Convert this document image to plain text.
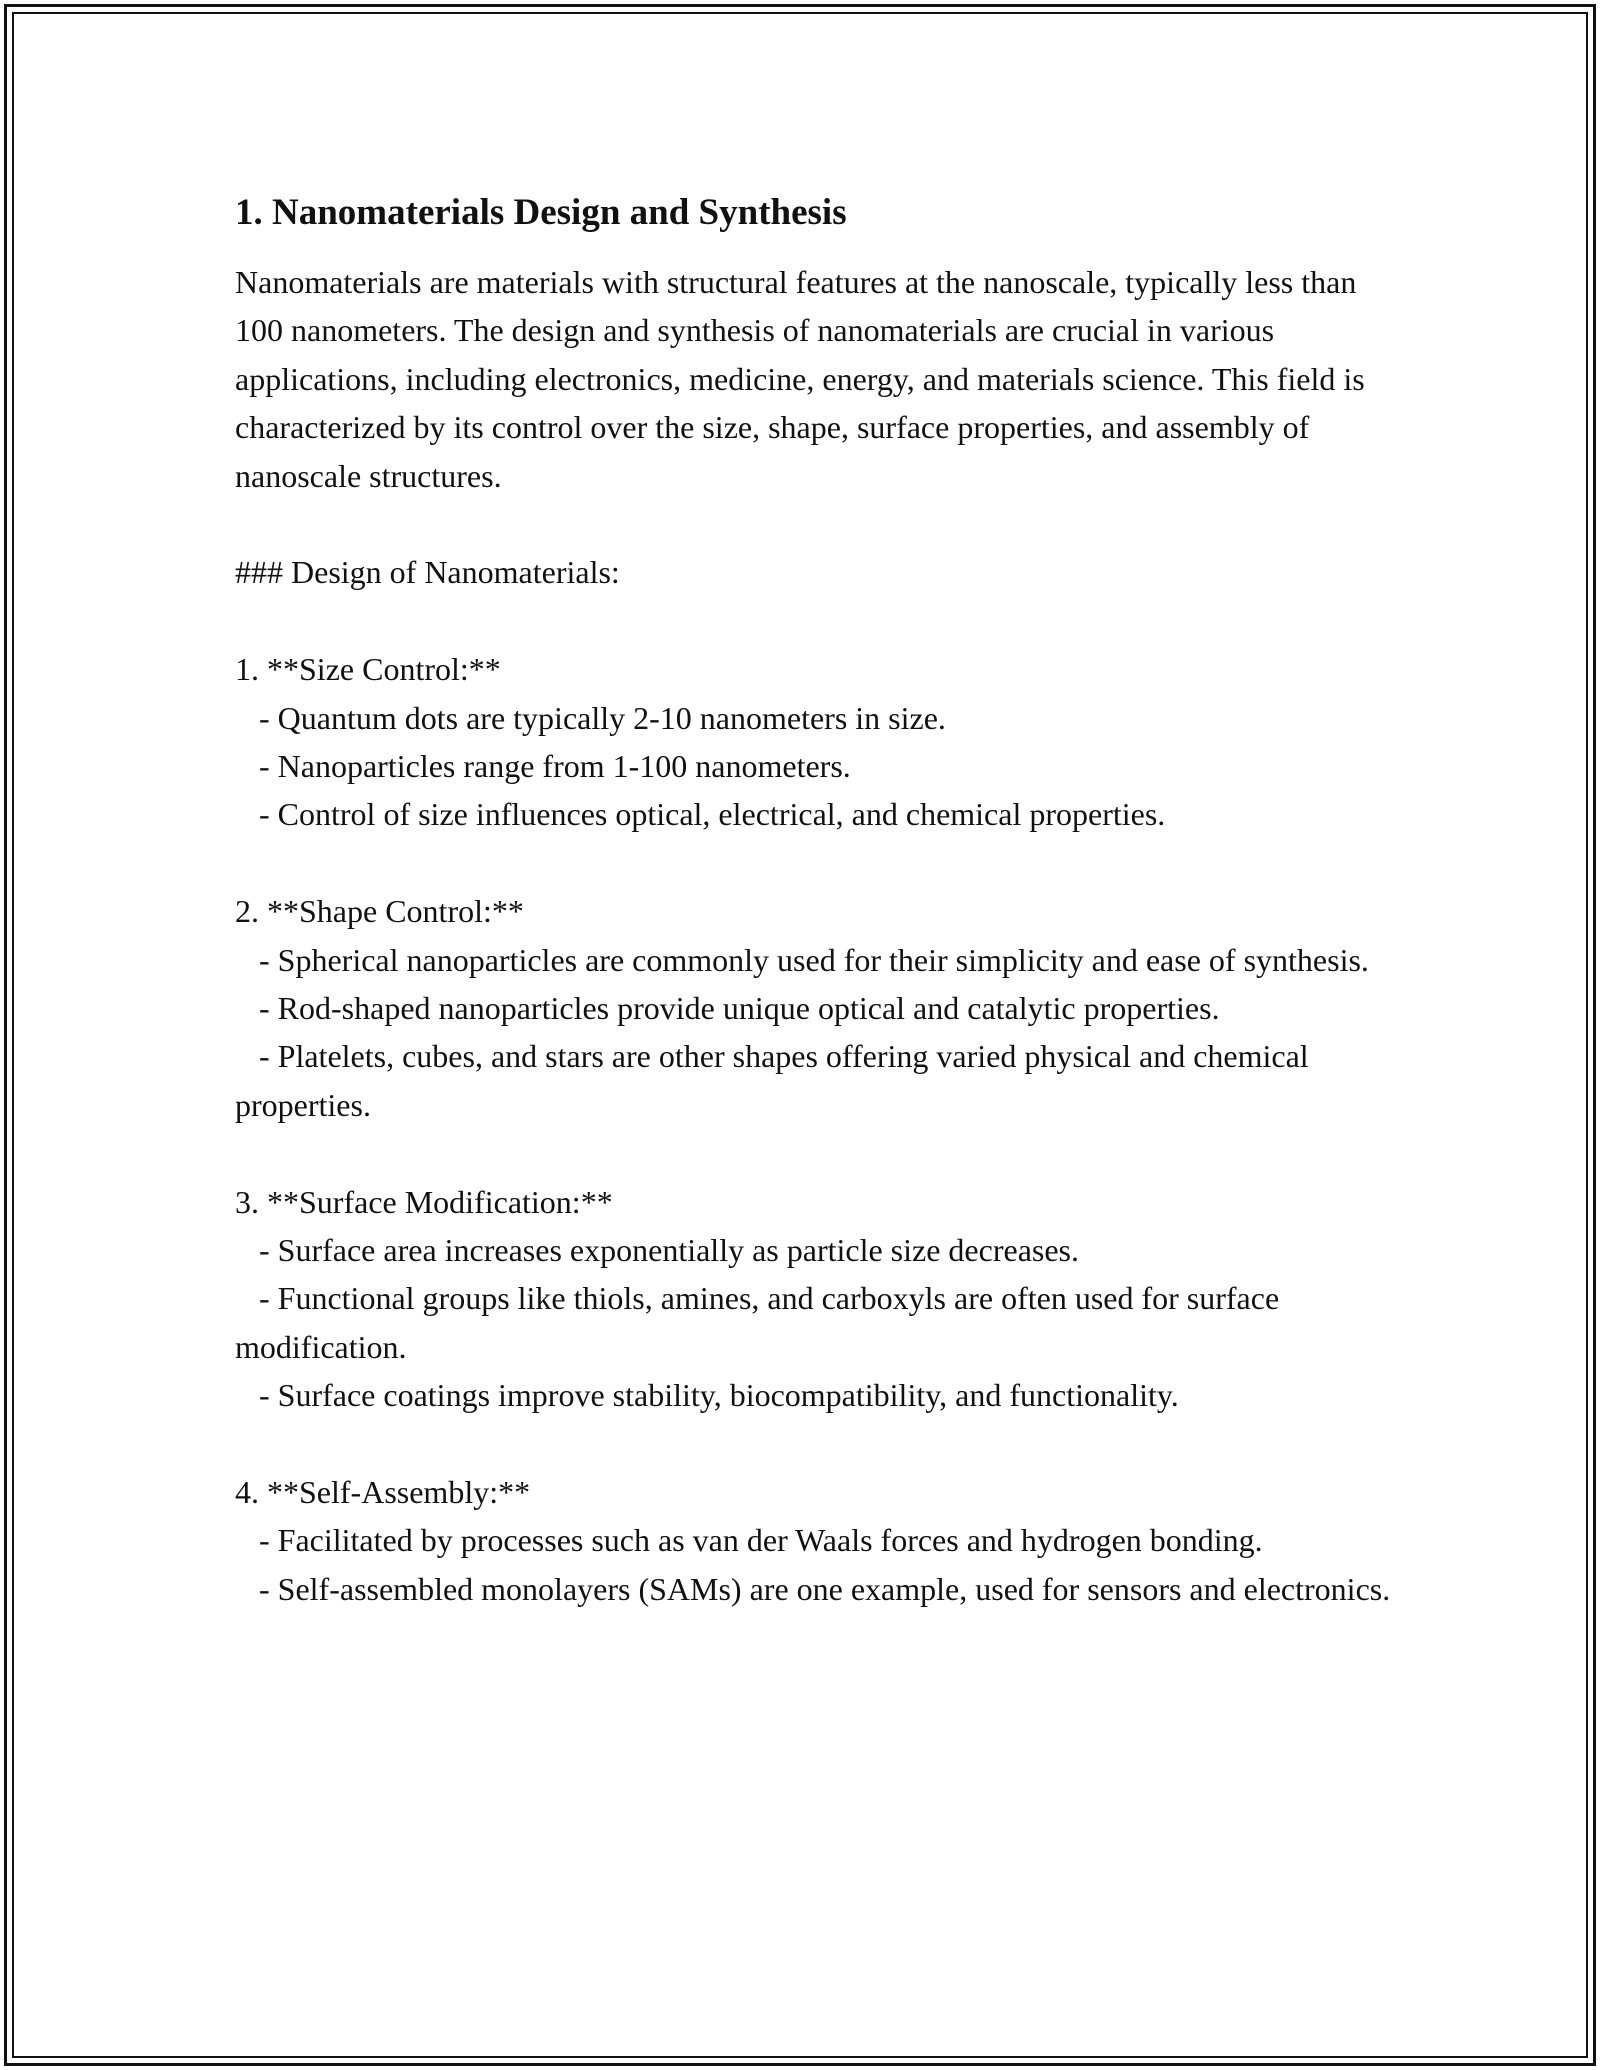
1. Nanomaterials Design and Synthesis

Nanomaterials are materials with structural features at the nanoscale, typically less than 100 nanometers. The design and synthesis of nanomaterials are crucial in various applications, including electronics, medicine, energy, and materials science. This field is characterized by its control over the size, shape, surface properties, and assembly of nanoscale structures.

### Design of Nanomaterials:

1. **Size Control:**

- Quantum dots are typically 2-10 nanometers in size.

- Nanoparticles range from 1-100 nanometers.

- Control of size influences optical, electrical, and chemical properties.

2. **Shape Control:**

- Spherical nanoparticles are commonly used for their simplicity and ease of synthesis.

- Rod-shaped nanoparticles provide unique optical and catalytic properties.

- Platelets, cubes, and stars are other shapes offering varied physical and chemical properties.

3. **Surface Modification:**

- Surface area increases exponentially as particle size decreases.

- Functional groups like thiols, amines, and carboxyls are often used for surface modification.

- Surface coatings improve stability, biocompatibility, and functionality.

4. **Self-Assembly:**

- Facilitated by processes such as van der Waals forces and hydrogen bonding.

- Self-assembled monolayers (SAMs) are one example, used for sensors and electronics.
